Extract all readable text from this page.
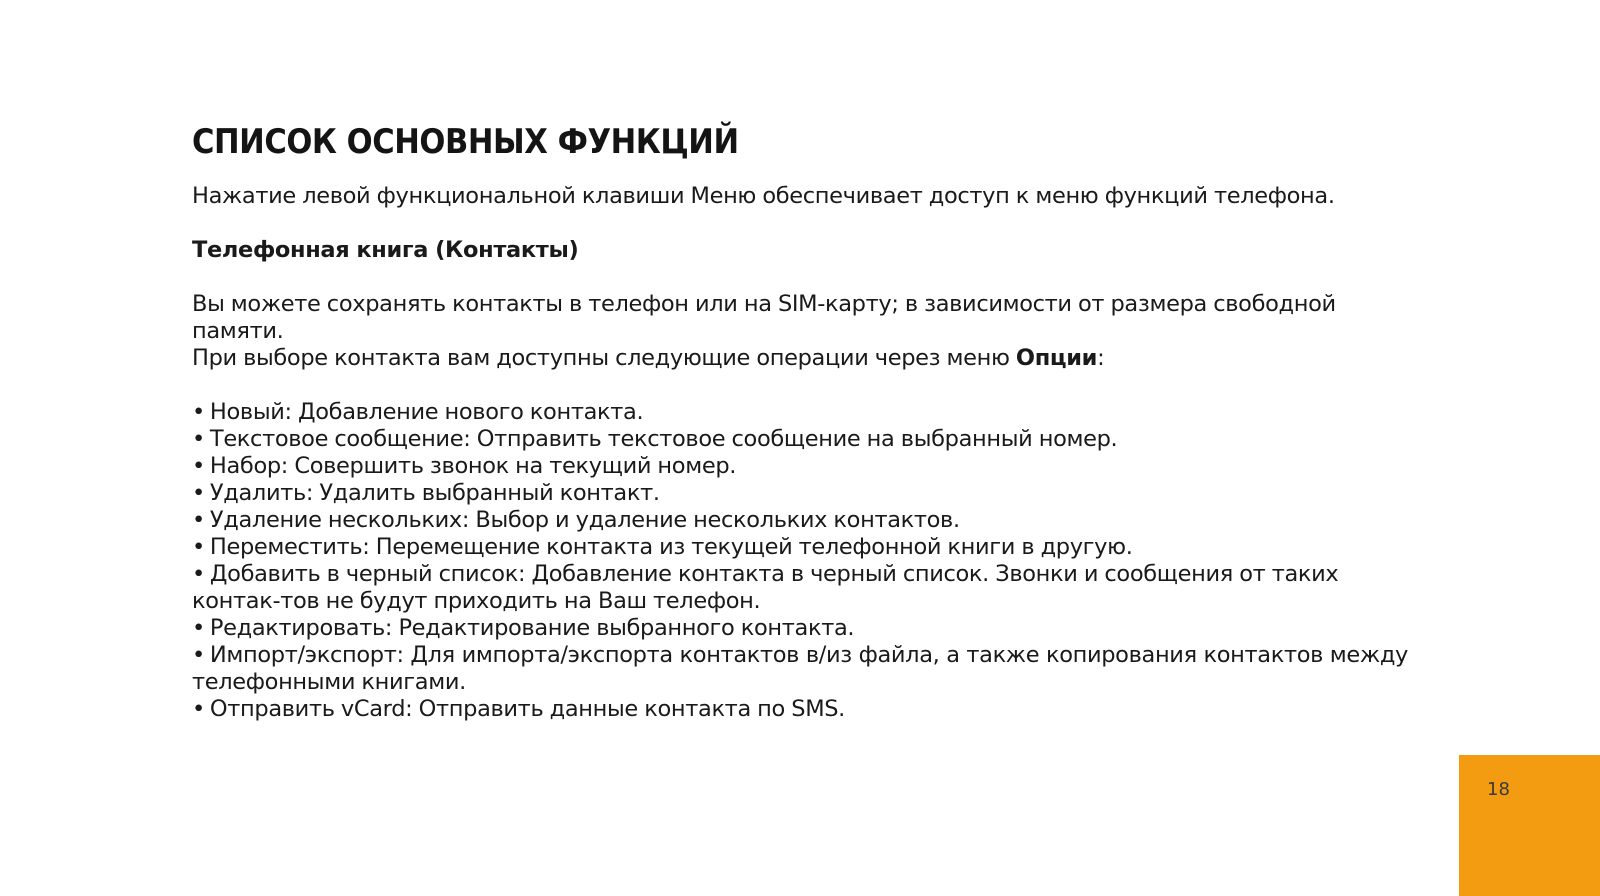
СПИСОК ОСНОВНЫХ ФУНКЦИЙ
Нажатие левой функциональной клавиши Меню обеспечивает доступ к меню функций телефона.
Телефонная книга (Контакты)
Вы можете сохранять контакты в телефон или на SIM-карту; в зависимости от размера свободной памяти.
При выборе контакта вам доступны следующие операции через меню Опции:
• Новый: Добавление нового контакта.
• Текстовое сообщение: Отправить текстовое сообщение на выбранный номер.
• Набор: Совершить звонок на текущий номер.
• Удалить: Удалить выбранный контакт.
• Удаление нескольких: Выбор и удаление нескольких контактов.
• Переместить: Перемещение контакта из текущей телефонной книги в другую.
• Добавить в черный список: Добавление контакта в черный список. Звонки и сообщения от таких контак-тов не будут приходить на Ваш телефон.
• Редактировать: Редактирование выбранного контакта.
• Импорт/экспорт: Для импорта/экспорта контактов в/из файла, а также копирования контактов между телефонными книгами.
• Отправить vCard: Отправить данные контакта по SMS.
18
